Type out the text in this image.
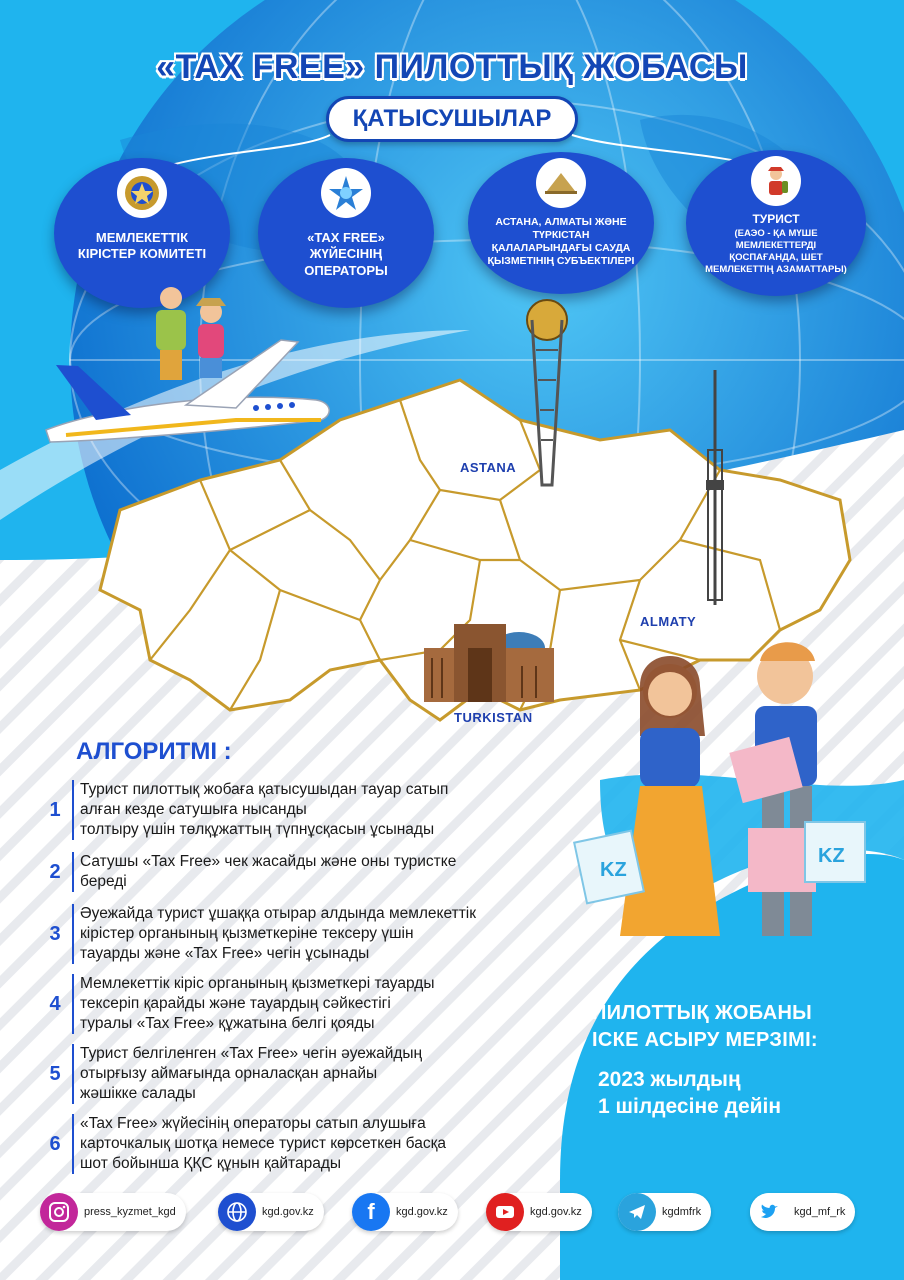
«TAX FREE» ПИЛОТТЫҚ ЖОБАСЫ
ҚАТЫСУШЫЛАР
МЕМЛЕКЕТТІК КІРІСТЕР КОМИТЕТІ
«TAX FREE» ЖҮЙЕСІНІҢ ОПЕРАТОРЫ
АСТАНА, АЛМАТЫ ЖӘНЕ ТҮРКІСТАН ҚАЛАЛАРЫНДАҒЫ САУДА ҚЫЗМЕТІНІҢ СУБЪЕКТІЛЕРІ
ТУРИСТ
(ЕАЭО - ҚА МҮШЕ МЕМЛЕКЕТТЕРДІ ҚОСПАҒАНДА, ШЕТ МЕМЛЕКЕТТІҢ АЗАМАТТАРЫ)
ASTANA
ALMATY
TURKISTAN
KZ
KZ
АЛГОРИТМІ :
1
Турист пилоттық жобаға қатысушыдан тауар сатып
алған кезде сатушыға нысанды
толтыру үшін төлқұжаттың түпнұсқасын ұсынады
2	Сатушы «Tax Free» чек жасайды және оны туристке
береді
3
Әуежайда турист ұшаққа отырар алдында мемлекеттік
кірістер органының қызметкеріне тексеру үшін
тауарды және «Tax Free» чегін ұсынады
4
Мемлекеттік кіріс органының қызметкері тауарды
тексеріп қарайды және тауардың сәйкестігі
туралы «Tax Free» құжатына белгі қояды
5
Турист белгіленген «Tax Free» чегін әуежайдың
отырғызу аймағында орналасқан арнайы
жәшікке салады
6
«Tax Free» жүйесінің операторы сатып алушыға
карточкалық шотқа немесе турист көрсеткен басқа
шот бойынша ҚҚС құнын қайтарады
ПИЛОТТЫҚ ЖОБАНЫ
ІСКЕ АСЫРУ МЕРЗІМІ:
2023 жылдың
1 шілдесіне дейін
press_kyzmet_kgd	kgd.gov.kz	f	kgd.gov.kz	kgd.gov.kz	kgdmfrk	kgd_mf_rk
